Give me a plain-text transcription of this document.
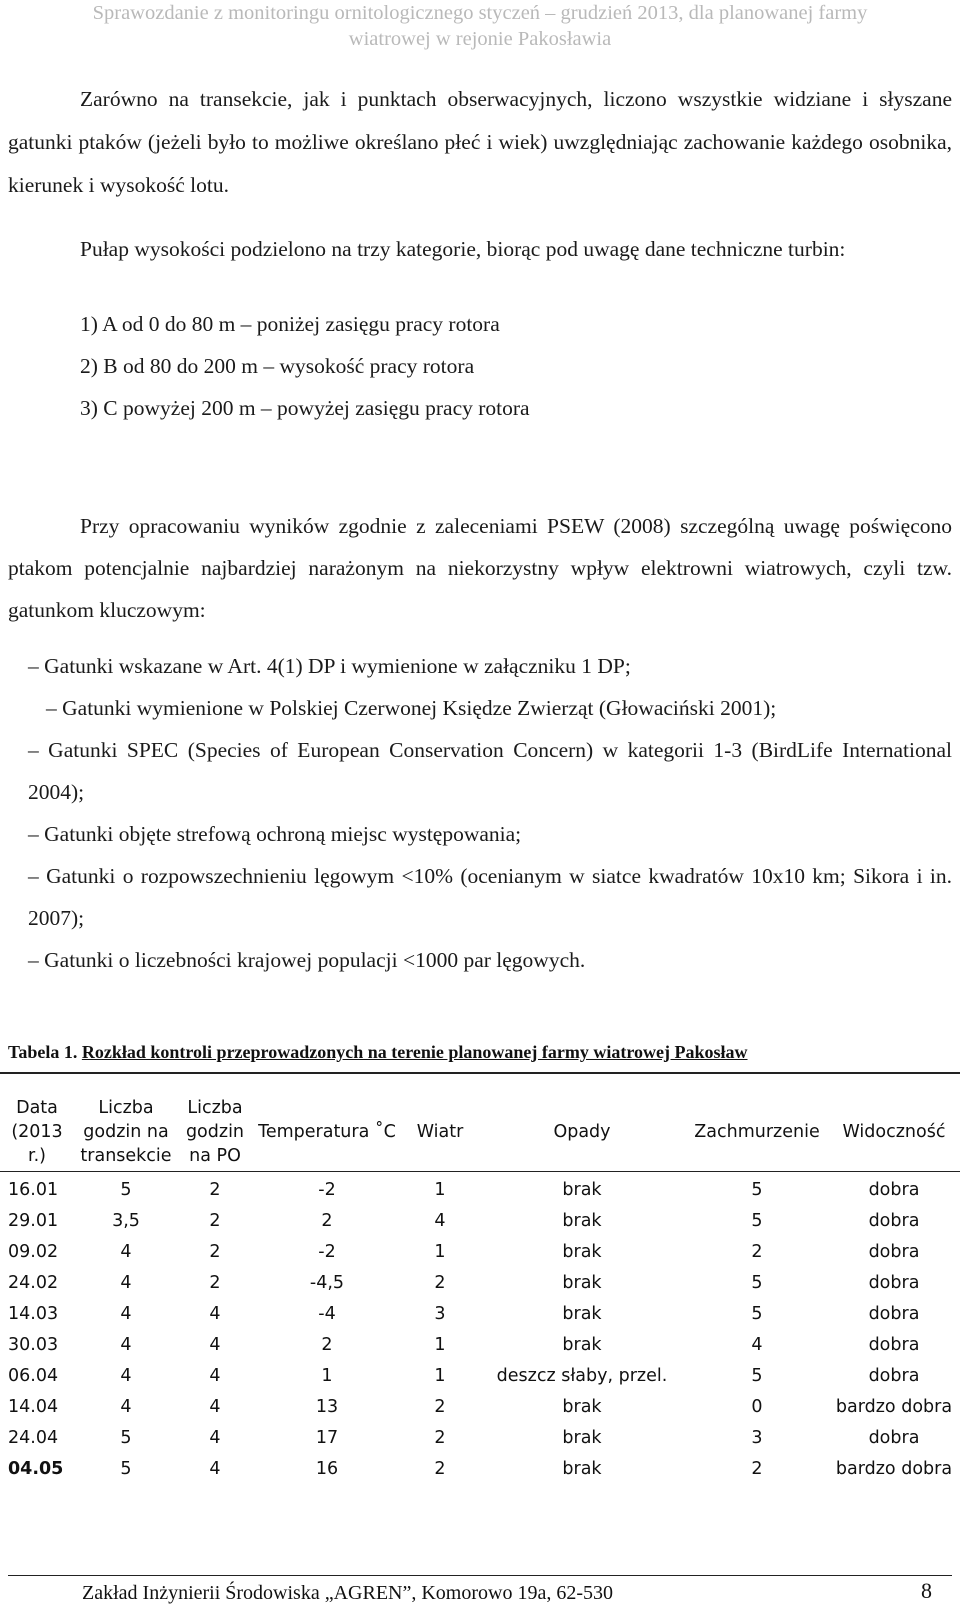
Sprawozdanie z monitoringu ornitologicznego styczeń – grudzień 2013, dla planowanej farmy
wiatrowej w rejonie Pakosławia
Zarówno na transekcie, jak i punktach obserwacyjnych, liczono wszystkie widziane i słyszane gatunki ptaków (jeżeli było to możliwe określano płeć i wiek) uwzględniając zachowanie każdego osobnika, kierunek i wysokość lotu.
Pułap wysokości podzielono na trzy kategorie, biorąc pod uwagę dane techniczne turbin:
1) A od 0 do 80 m – poniżej zasięgu pracy rotora
2) B od 80 do 200 m – wysokość pracy rotora
3) C powyżej 200 m – powyżej zasięgu pracy rotora
Przy opracowaniu wyników zgodnie z zaleceniami PSEW (2008) szczególną uwagę poświęcono ptakom potencjalnie najbardziej narażonym na niekorzystny wpływ elektrowni wiatrowych, czyli tzw. gatunkom kluczowym:
– Gatunki wskazane w Art. 4(1) DP i wymienione w załączniku 1 DP;
– Gatunki wymienione w Polskiej Czerwonej Księdze Zwierząt (Głowaciński 2001);
– Gatunki SPEC (Species of European Conservation Concern) w kategorii 1-3 (BirdLife International 2004);
– Gatunki objęte strefową ochroną miejsc występowania;
– Gatunki o rozpowszechnieniu lęgowym <10% (ocenianym w siatce kwadratów 10x10 km; Sikora i in. 2007);
– Gatunki o liczebności krajowej populacji <1000 par lęgowych.
Tabela 1. Rozkład kontroli przeprowadzonych na terenie planowanej farmy wiatrowej Pakosław
Data (2013 r.)	Liczba godzin na transekcie	Liczba godzin na PO	Temperatura ˚C	Wiatr	Opady	Zachmurzenie	Widoczność
16.01	5	2	-2	1	brak	5	dobra
29.01	3,5	2	2	4	brak	5	dobra
09.02	4	2	-2	1	brak	2	dobra
24.02	4	2	-4,5	2	brak	5	dobra
14.03	4	4	-4	3	brak	5	dobra
30.03	4	4	2	1	brak	4	dobra
06.04	4	4	1	1	deszcz słaby, przel.	5	dobra
14.04	4	4	13	2	brak	0	bardzo dobra
24.04	5	4	17	2	brak	3	dobra
04.05	5	4	16	2	brak	2	bardzo dobra
Zakład Inżynierii Środowiska „AGREN”, Komorowo 19a, 62-530	8
